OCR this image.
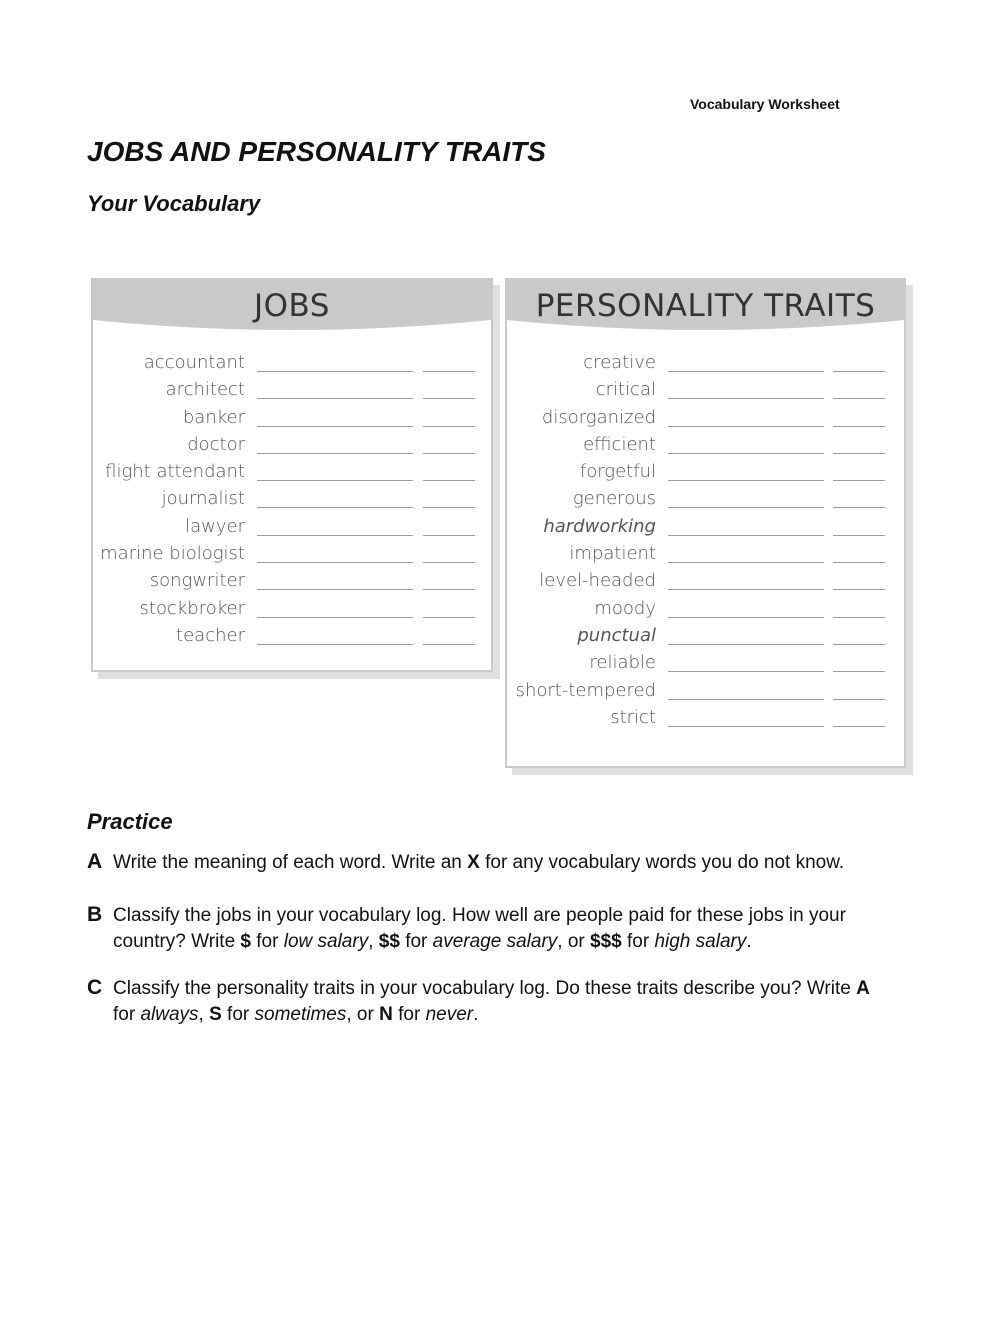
Vocabulary Worksheet
JOBS AND PERSONALITY TRAITS
Your Vocabulary
JOBS
accountant
architect
banker
doctor
flight attendant
journalist
lawyer
marine biologist
songwriter
stockbroker
teacher
PERSONALITY TRAITS
creative
critical
disorganized
efficient
forgetful
generous
hardworking
impatient
level-headed
moody
punctual
reliable
short-tempered
strict
Practice
A Write the meaning of each word. Write an X for any vocabulary words you do not know.
B Classify the jobs in your vocabulary log. How well are people paid for these jobs in your
country? Write $ for low salary, $$ for average salary, or $$$ for high salary.
C Classify the personality traits in your vocabulary log. Do these traits describe you? Write A
for always, S for sometimes, or N for never.
